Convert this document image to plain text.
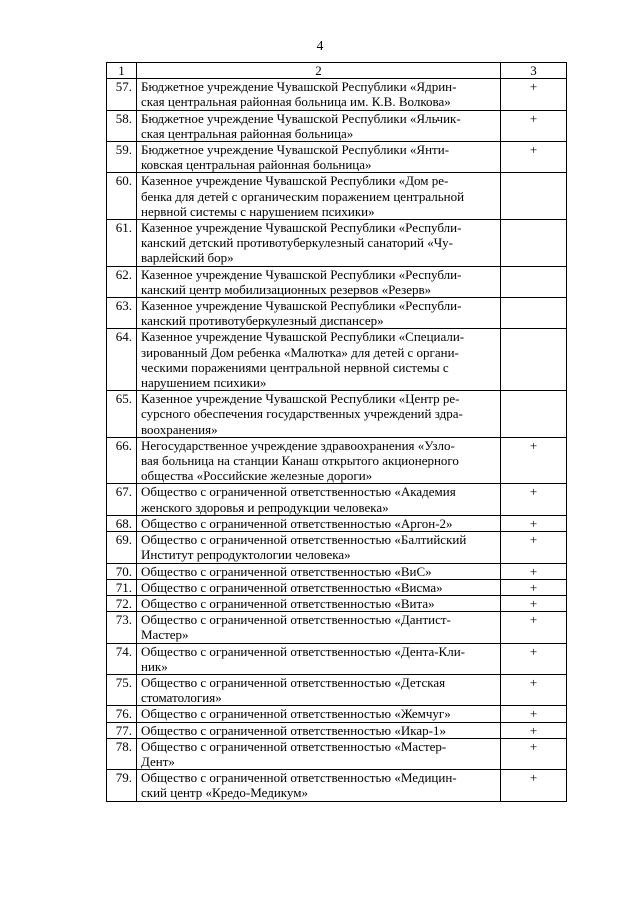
4
1	2	3
57.	Бюджетное учреждение Чувашской Республики «Ядрин-
ская центральная районная больница им. К.В. Волкова»	+
58.	Бюджетное учреждение Чувашской Республики «Яльчик-
ская центральная районная больница»	+
59.	Бюджетное учреждение Чувашской Республики «Янти-
ковская центральная районная больница»	+
60.	Казенное учреждение Чувашской Республики «Дом ре-
бенка для детей с органическим поражением центральной
нервной системы с нарушением психики»	

61.	Казенное учреждение Чувашской Республики «Республи-
канский детский противотуберкулезный санаторий «Чу-
варлейский бор»	

62.	Казенное учреждение Чувашской Республики «Республи-
канский центр мобилизационных резервов «Резерв»	

63.	Казенное учреждение Чувашской Республики «Республи-
канский противотуберкулезный диспансер»	

64.	Казенное учреждение Чувашской Республики «Специали-
зированный Дом ребенка «Малютка» для детей с органи-
ческими поражениями центральной нервной системы с
нарушением психики»	

65.	Казенное учреждение Чувашской Республики «Центр ре-
сурсного обеспечения государственных учреждений здра-
воохранения»	

66.	Негосударственное учреждение здравоохранения «Узло-
вая больница на станции Канаш открытого акционерного
общества «Российские железные дороги»	+
67.	Общество с ограниченной ответственностью «Академия
женского здоровья и репродукции человека»	+
68.	Общество с ограниченной ответственностью «Аргон-2»	+
69.	Общество с ограниченной ответственностью «Балтийский
Институт репродуктологии человека»	+
70.	Общество с ограниченной ответственностью «ВиС»	+
71.	Общество с ограниченной ответственностью «Висма»	+
72.	Общество с ограниченной ответственностью «Вита»	+
73.	Общество с ограниченной ответственностью «Дантист-
Мастер»	+
74.	Общество с ограниченной ответственностью «Дента-Кли-
ник»	+
75.	Общество с ограниченной ответственностью «Детская
стоматология»	+
76.	Общество с ограниченной ответственностью «Жемчуг»	+
77.	Общество с ограниченной ответственностью «Икар-1»	+
78.	Общество с ограниченной ответственностью «Мастер-
Дент»	+
79.	Общество с ограниченной ответственностью «Медицин-
ский центр «Кредо-Медикум»	+
